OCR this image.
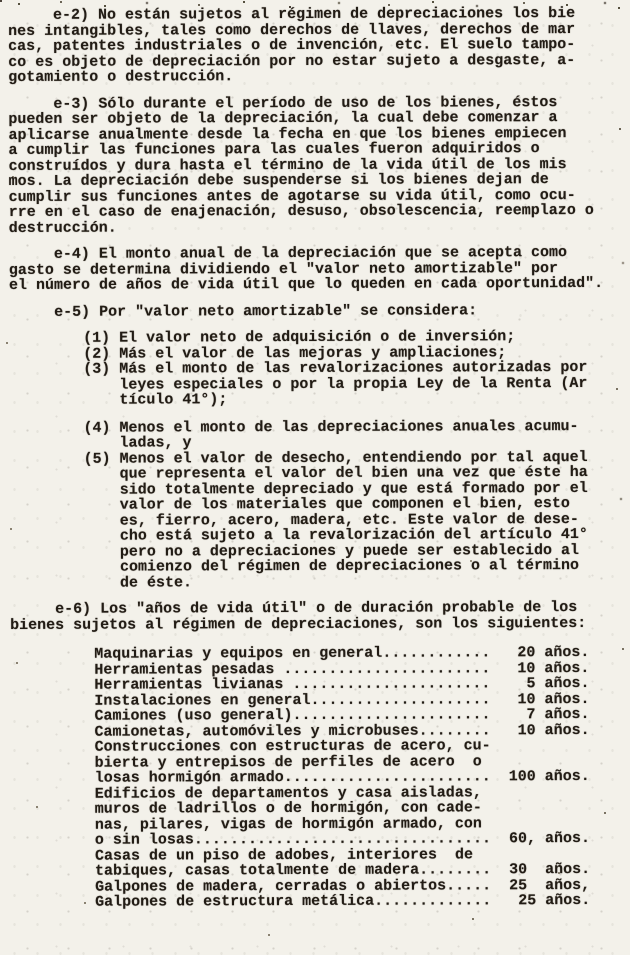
e-2) No están sujetos al régimen de depreciaciones los bie
nes intangibles, tales como derechos de llaves, derechos de mar
cas, patentes industriales o de invención, etc. El suelo tampo-
co es objeto de depreciación por no estar sujeto a desgaste, a-
gotamiento o destrucción.
e-3) Sólo durante el período de uso de los bienes, éstos
pueden ser objeto de la depreciación, la cual debe comenzar a
aplicarse anualmente desde la fecha en que los bienes empiecen
a cumplir las funciones para las cuales fueron adquiridos o
construídos y dura hasta el término de la vida útil de los mis
mos. La depreciación debe suspenderse si los bienes dejan de
cumplir sus funciones antes de agotarse su vida útil, como ocu-
rre en el caso de enajenación, desuso, obsolescencia, reemplazo o
destrucción.
e-4) El monto anual de la depreciación que se acepta como
gasto se determina dividiendo el "valor neto amortizable" por
el número de años de vida útil que lo queden en cada oportunidad".
e-5) Por "valor neto amortizable" se considera:
(1) El valor neto de adquisición o de inversión;
(2) Más el valor de las mejoras y ampliaciones;
(3) Más el monto de las revalorizaciones autorizadas por
leyes especiales o por la propia Ley de la Renta (Ar
tículo 41°);
(4) Menos el monto de las depreciaciones anuales acumu-
ladas, y
(5) Menos el valor de desecho, entendiendo por tal aquel
que representa el valor del bien una vez que éste ha
sido totalmente depreciado y que está formado por el
valor de los materiales que componen el bien, esto
es, fierro, acero, madera, etc. Este valor de dese-
cho está sujeto a la revalorización del artículo 41°
pero no a depreciaciones y puede ser establecido al
comienzo del régimen de depreciaciones o al término
de éste.
e-6) Los "años de vida útil" o de duración probable de los
bienes sujetos al régimen de depreciaciones, son los siguientes:
Maquinarias y equipos en general............   20 años.
Herramientas pesadas .......................   10 años.
Herramientas livianas ......................    5 años.
Instalaciones en general....................   10 años.
Camiones (uso general)......................    7 años.
Camionetas, automóviles y microbuses........   10 años.
Construcciones con estructuras de acero, cu-
bierta y entrepisos de perfiles de acero  o
losas hormigón armado.......................  100 años.
Edificios de departamentos y casa aisladas,
muros de ladrillos o de hormigón, con cade-
nas, pilares, vigas de hormigón armado, con
o sin losas.................................  60, años.
Casas de un piso de adobes, interiores  de
tabiques, casas totalmente de madera........  30  años.
Galpones de madera, cerradas o abiertos.....  25  años,
Galpones de estructura metálica.............   25 años.
